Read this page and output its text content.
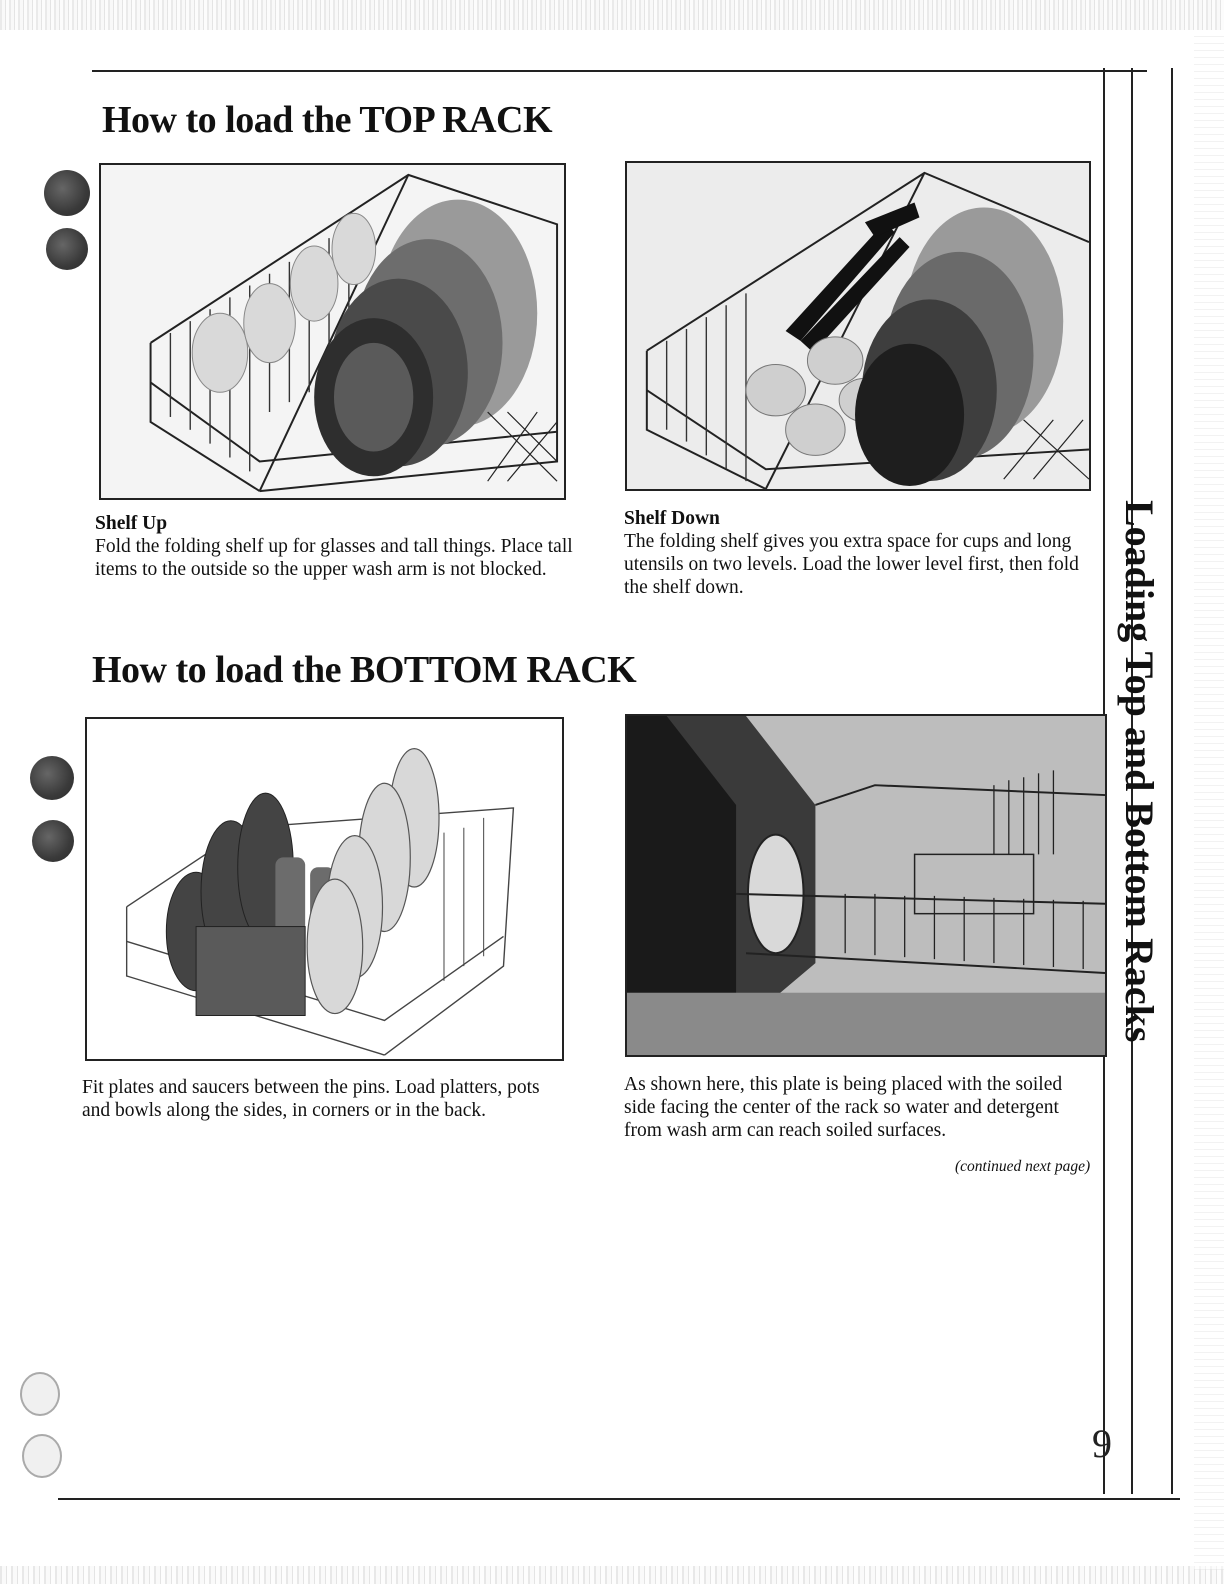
Loading Top and Bottom Racks
How to load the TOP RACK
Shelf Up
Fold the folding shelf up for glasses and tall things. Place tall items to the outside so the upper wash arm is not blocked.
Shelf Down
The folding shelf gives you extra space for cups and long utensils on two levels. Load the lower level first, then fold the shelf down.
How to load the BOTTOM RACK
Fit plates and saucers between the pins. Load platters, pots and bowls along the sides, in corners or in the back.
As shown here, this plate is being placed with the soiled side facing the center of the rack so water and detergent from wash arm can reach soiled surfaces.
(continued next page)
9
